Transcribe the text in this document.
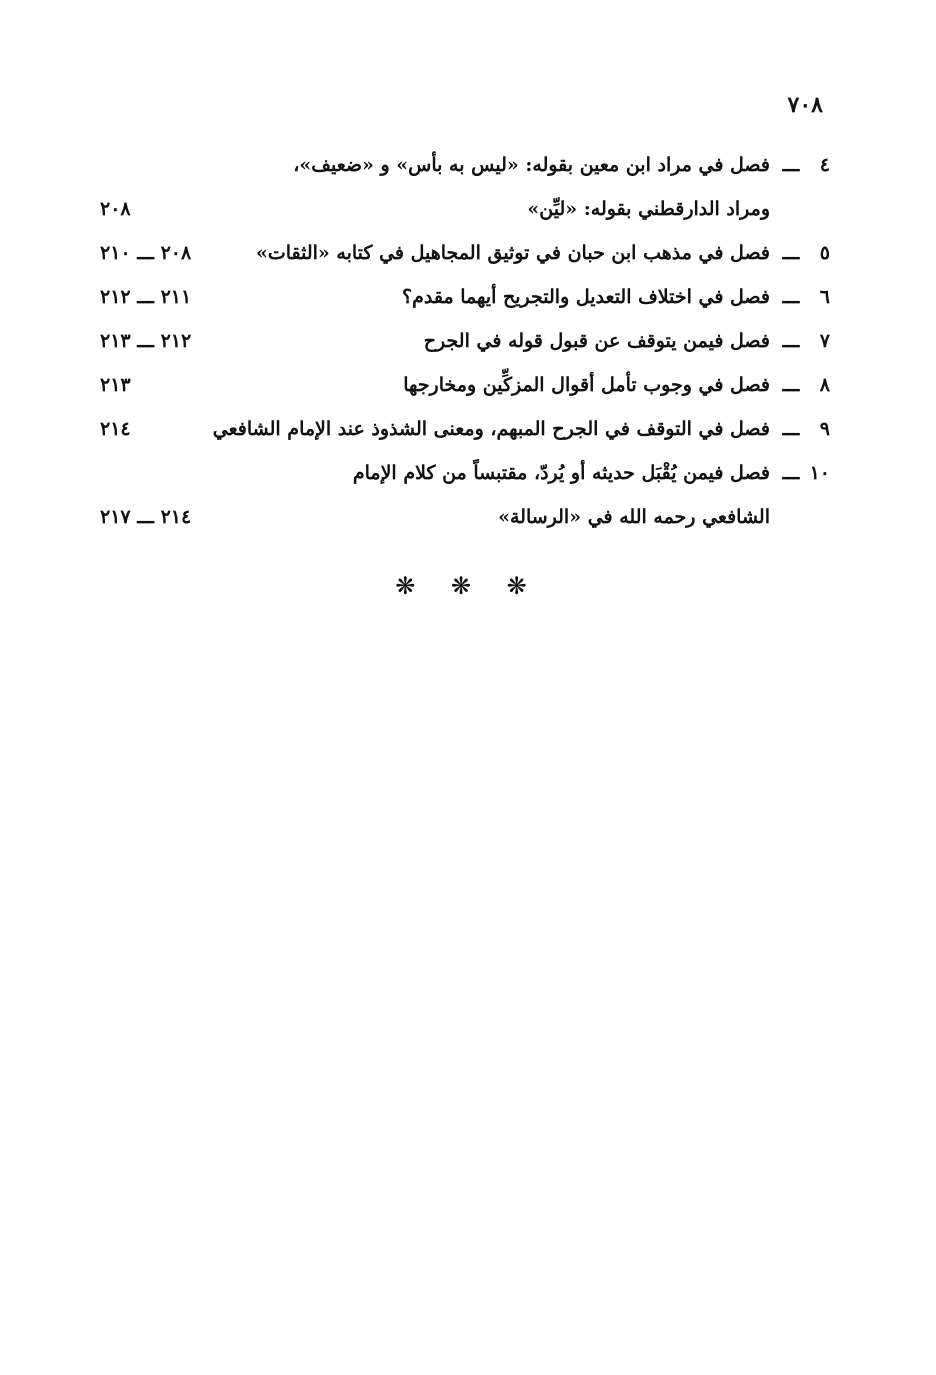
٧٠٨
٤
ـــ
فصل في مراد ابن معين بقوله: «ليس به بأس» و «ضعيف»،
ومراد الدارقطني بقوله: «ليِّن»
٢٠٨
٥
ـــ
فصل في مذهب ابن حبان في توثيق المجاهيل في كتابه «الثقات»
٢٠٨ ـــ ٢١٠
٦
ـــ
فصل في اختلاف التعديل والتجريح أيهما مقدم؟
٢١١ ـــ ٢١٢
٧
ـــ
فصل فيمن يتوقف عن قبول قوله في الجرح
٢١٢ ـــ ٢١٣
٨
ـــ
فصل في وجوب تأمل أقوال المزكِّين ومخارجها
٢١٣
٩
ـــ
فصل في التوقف في الجرح المبهم، ومعنى الشذوذ عند الإمام الشافعي
٢١٤
١٠
ـــ
فصل فيمن يُقْبَل حديثه أو يُردّ، مقتبساً من كلام الإمام
الشافعي رحمه الله في «الرسالة»
٢١٤ ـــ ٢١٧
❋ ❋ ❋
